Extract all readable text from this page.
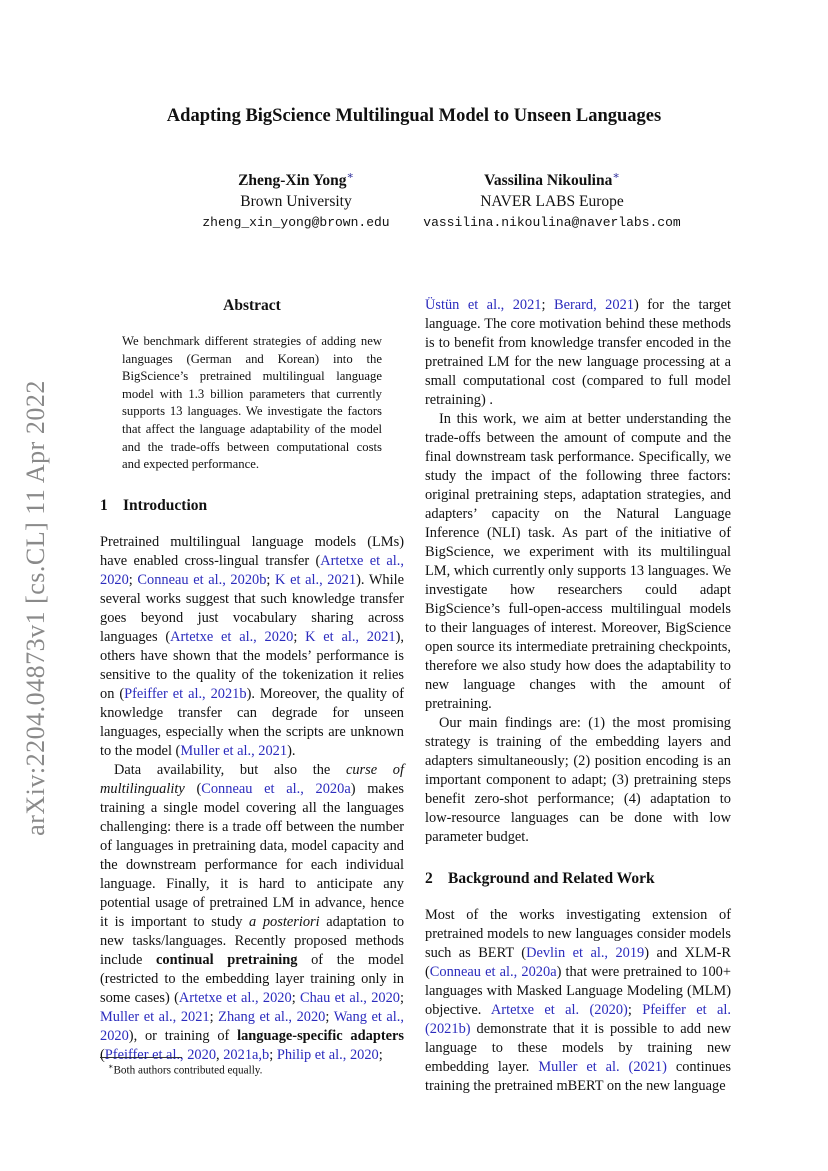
arXiv:2204.04873v1 [cs.CL] 11 Apr 2022
Adapting BigScience Multilingual Model to Unseen Languages
Zheng-Xin Yong∗
Brown University
zheng_xin_yong@brown.edu
Vassilina Nikoulina∗
NAVER LABS Europe
vassilina.nikoulina@naverlabs.com
Abstract

We benchmark different strategies of adding new languages (German and Korean) into the BigScience’s pretrained multilingual language model with 1.3 billion parameters that currently supports 13 languages. We investigate the factors that affect the language adaptability of the model and the trade-offs between computational costs and expected performance.

1 Introduction

Pretrained multilingual language models (LMs) have enabled cross-lingual transfer (Artetxe et al., 2020; Conneau et al., 2020b; K et al., 2021). While several works suggest that such knowledge transfer goes beyond just vocabulary sharing across languages (Artetxe et al., 2020; K et al., 2021), others have shown that the models’ performance is sensitive to the quality of the tokenization it relies on (Pfeiffer et al., 2021b). Moreover, the quality of knowledge transfer can degrade for unseen languages, especially when the scripts are unknown to the model (Muller et al., 2021).

Data availability, but also the curse of multilinguality (Conneau et al., 2020a) makes training a single model covering all the languages challenging: there is a trade off between the number of languages in pretraining data, model capacity and the downstream performance for each individual language. Finally, it is hard to anticipate any potential usage of pretrained LM in advance, hence it is important to study a posteriori adaptation to new tasks/languages. Recently proposed methods include continual pretraining of the model (restricted to the embedding layer training only in some cases) (Artetxe et al., 2020; Chau et al., 2020; Muller et al., 2021; Zhang et al., 2020; Wang et al., 2020), or training of language-specific adapters (Pfeiffer et al., 2020, 2021a,b; Philip et al., 2020;

Üstün et al., 2021; Berard, 2021) for the target language. The core motivation behind these methods is to benefit from knowledge transfer encoded in the pretrained LM for the new language processing at a small computational cost (compared to full model retraining) .

In this work, we aim at better understanding the trade-offs between the amount of compute and the final downstream task performance. Specifically, we study the impact of the following three factors: original pretraining steps, adaptation strategies, and adapters’ capacity on the Natural Language Inference (NLI) task. As part of the initiative of BigScience, we experiment with its multilingual LM, which currently only supports 13 languages. We investigate how researchers could adapt BigScience’s full-open-access multilingual models to their languages of interest. Moreover, BigScience open source its intermediate pretraining checkpoints, therefore we also study how does the adaptability to new language changes with the amount of pretraining.

Our main findings are: (1) the most promising strategy is training of the embedding layers and adapters simultaneously; (2) position encoding is an important component to adapt; (3) pretraining steps benefit zero-shot performance; (4) adaptation to low-resource languages can be done with low parameter budget.

2 Background and Related Work

Most of the works investigating extension of pretrained models to new languages consider models such as BERT (Devlin et al., 2019) and XLM-R (Conneau et al., 2020a) that were pretrained to 100+ languages with Masked Language Modeling (MLM) objective. Artetxe et al. (2020); Pfeiffer et al. (2021b) demonstrate that it is possible to add new language to these models by training new embedding layer. Muller et al. (2021) continues training the pretrained mBERT on the new language

∗Both authors contributed equally.
